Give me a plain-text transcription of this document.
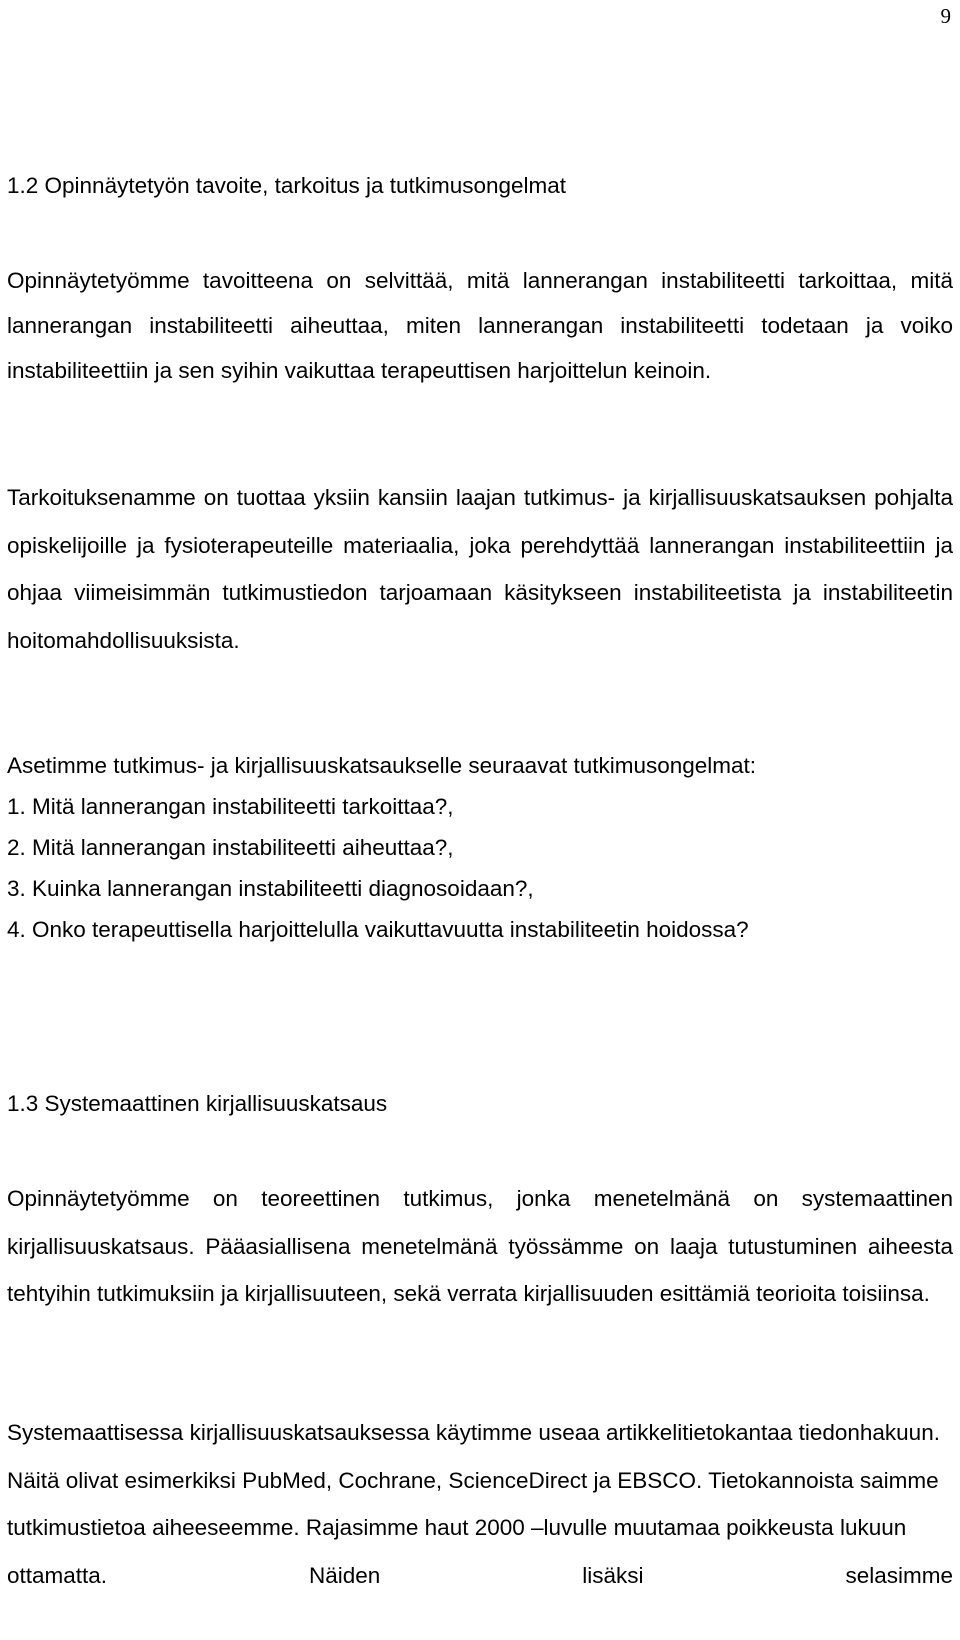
9
1.2 Opinnäytetyön tavoite, tarkoitus ja tutkimusongelmat
Opinnäytetyömme tavoitteena on selvittää, mitä lannerangan instabiliteetti tarkoittaa, mitä lannerangan instabiliteetti aiheuttaa, miten lannerangan instabiliteetti todetaan ja voiko instabiliteettiin ja sen syihin vaikuttaa terapeuttisen harjoittelun keinoin.
Tarkoituksenamme on tuottaa yksiin kansiin laajan tutkimus- ja kirjallisuuskatsauksen pohjalta opiskelijoille ja fysioterapeuteille materiaalia, joka perehdyttää lannerangan instabiliteettiin ja ohjaa viimeisimmän tutkimustiedon tarjoamaan käsitykseen instabiliteetista ja instabiliteetin hoitomahdollisuuksista.
Asetimme tutkimus- ja kirjallisuuskatsaukselle seuraavat tutkimusongelmat:
1. Mitä lannerangan instabiliteetti tarkoittaa?,
2. Mitä lannerangan instabiliteetti aiheuttaa?,
3. Kuinka lannerangan instabiliteetti diagnosoidaan?,
4. Onko terapeuttisella harjoittelulla vaikuttavuutta instabiliteetin hoidossa?
1.3 Systemaattinen kirjallisuuskatsaus
Opinnäytetyömme on teoreettinen tutkimus, jonka menetelmänä on systemaattinen kirjallisuuskatsaus. Pääasiallisena menetelmänä työssämme on laaja tutustuminen aiheesta tehtyihin tutkimuksiin ja kirjallisuuteen, sekä verrata kirjallisuuden esittämiä teorioita toisiinsa.
Systemaattisessa kirjallisuuskatsauksessa käytimme useaa artikkelitietokantaa tiedonhakuun. Näitä olivat esimerkiksi PubMed, Cochrane, ScienceDirect ja EBSCO. Tietokannoista saimme tutkimustietoa aiheeseemme. Rajasimme haut 2000 –luvulle muutamaa poikkeusta lukuun ottamatta. Näiden lisäksi selasimme
